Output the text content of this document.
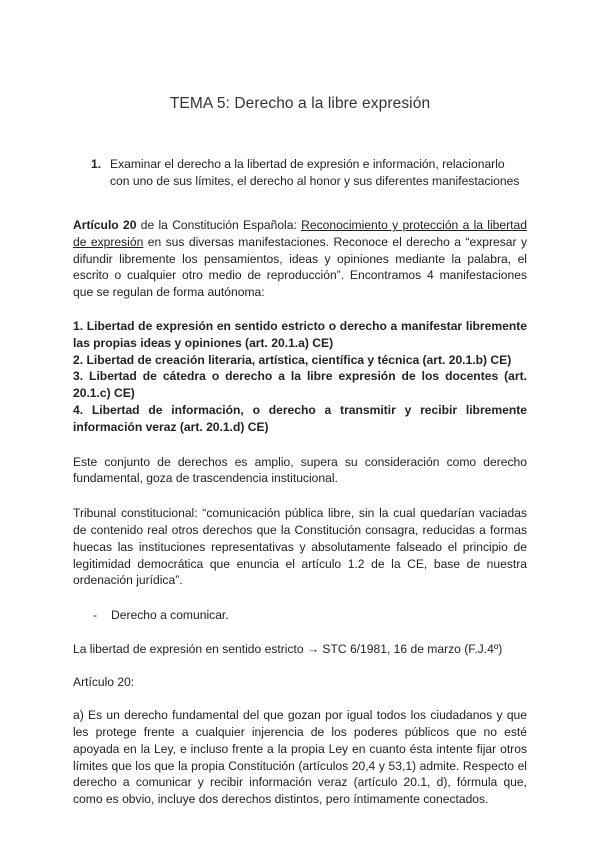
TEMA 5: Derecho a la libre expresión
1. Examinar el derecho a la libertad de expresión e información, relacionarlo con uno de sus límites, el derecho al honor y sus diferentes manifestaciones

Artículo 20 de la Constitución Española: Reconocimiento y protección a la libertad de expresión en sus diversas manifestaciones. Reconoce el derecho a “expresar y difundir libremente los pensamientos, ideas y opiniones mediante la palabra, el escrito o cualquier otro medio de reproducción”. Encontramos 4 manifestaciones que se regulan de forma autónoma:

1. Libertad de expresión en sentido estricto o derecho a manifestar libremente las propias ideas y opiniones (art. 20.1.a) CE)
2. Libertad de creación literaria, artística, científica y técnica (art. 20.1.b) CE)
3. Libertad de cátedra o derecho a la libre expresión de los docentes (art. 20.1.c) CE)
4. Libertad de información, o derecho a transmitir y recibir libremente información veraz (art. 20.1.d) CE)

Este conjunto de derechos es amplio, supera su consideración como derecho fundamental, goza de trascendencia institucional.

Tribunal constitucional: “comunicación pública libre, sin la cual quedarían vaciadas de contenido real otros derechos que la Constitución consagra, reducidas a formas huecas las instituciones representativas y absolutamente falseado el principio de legitimidad democrática que enuncia el artículo 1.2 de la CE, base de nuestra ordenación jurídica”.

-	Derecho a comunicar.

La libertad de expresión en sentido estricto → STC 6/1981, 16 de marzo (F.J.4º)

Artículo 20:

a) Es un derecho fundamental del que gozan por igual todos los ciudadanos y que les protege frente a cualquier injerencia de los poderes públicos que no esté apoyada en la Ley, e incluso frente a la propia Ley en cuanto ésta intente fijar otros límites que los que la propia Constitución (artículos 20,4 y 53,1) admite. Respecto el derecho a comunicar y recibir información veraz (artículo 20.1, d), fórmula que, como es obvio, incluye dos derechos distintos, pero íntimamente conectados.
